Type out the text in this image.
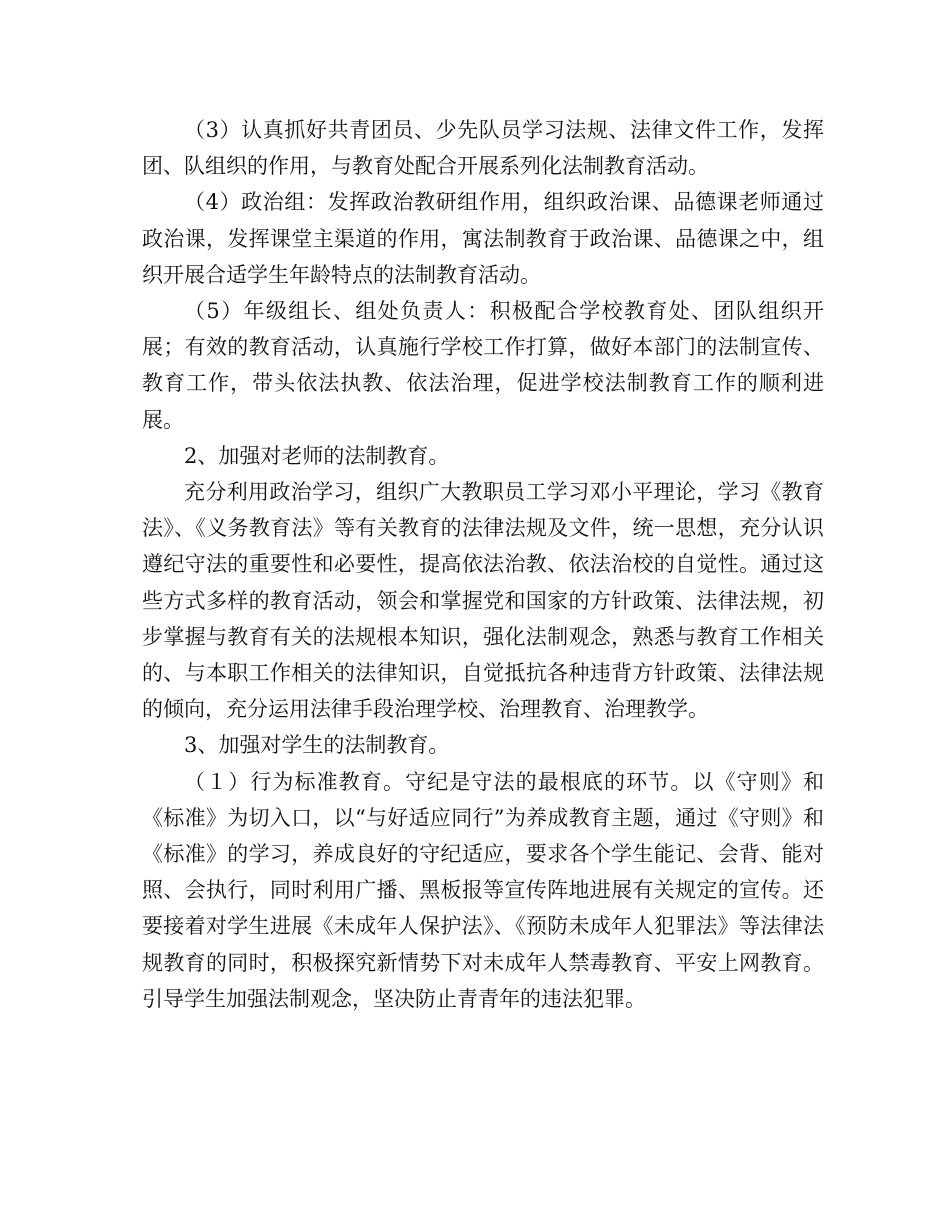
（3）认真抓好共青团员、少先队员学习法规、法律文件工作，发挥团、队组织的作用，与教育处配合开展系列化法制教育活动。

（4）政治组：发挥政治教研组作用，组织政治课、品德课老师通过政治课，发挥课堂主渠道的作用，寓法制教育于政治课、品德课之中，组织开展合适学生年龄特点的法制教育活动。

（5）年级组长、组处负责人：积极配合学校教育处、团队组织开展；有效的教育活动，认真施行学校工作打算，做好本部门的法制宣传、教育工作，带头依法执教、依法治理，促进学校法制教育工作的顺利进展。

2、加强对老师的法制教育。

充分利用政治学习，组织广大教职员工学习邓小平理论，学习《教育法》、《义务教育法》等有关教育的法律法规及文件，统一思想，充分认识遵纪守法的重要性和必要性，提高依法治教、依法治校的自觉性。通过这些方式多样的教育活动，领会和掌握党和国家的方针政策、法律法规，初步掌握与教育有关的法规根本知识，强化法制观念，熟悉与教育工作相关的、与本职工作相关的法律知识，自觉抵抗各种违背方针政策、法律法规的倾向，充分运用法律手段治理学校、治理教育、治理教学。

3、加强对学生的法制教育。

（１）行为标准教育。守纪是守法的最根底的环节。以《守则》和《标准》为切入口，以“与好适应同行”为养成教育主题，通过《守则》和《标准》的学习，养成良好的守纪适应，要求各个学生能记、会背、能对照、会执行，同时利用广播、黑板报等宣传阵地进展有关规定的宣传。还要接着对学生进展《未成年人保护法》、《预防未成年人犯罪法》等法律法规教育的同时，积极探究新情势下对未成年人禁毒教育、平安上网教育。引导学生加强法制观念，坚决防止青青年的违法犯罪。
